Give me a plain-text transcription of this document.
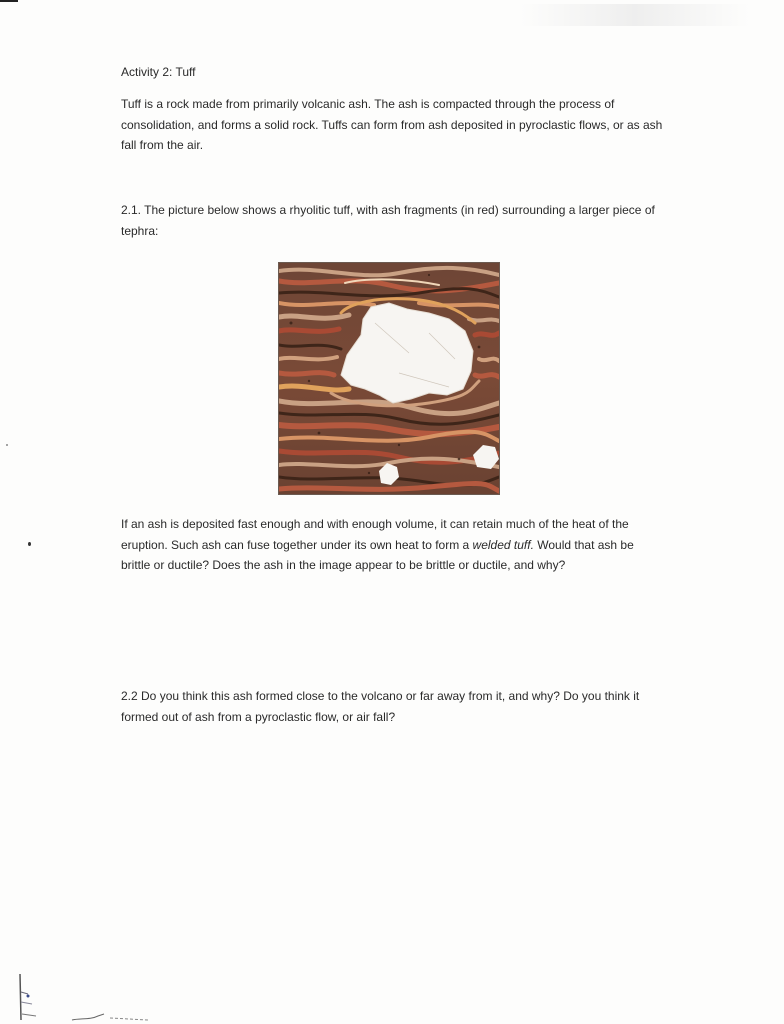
Activity 2: Tuff

Tuff is a rock made from primarily volcanic ash. The ash is compacted through the process of
consolidation, and forms a solid rock. Tuffs can form from ash deposited in pyroclastic flows, or as ash
fall from the air.

2.1. The picture below shows a rhyolitic tuff, with ash fragments (in red) surrounding a larger piece of
tephra:

If an ash is deposited fast enough and with enough volume, it can retain much of the heat of the
eruption. Such ash can fuse together under its own heat to form a welded tuff. Would that ash be
brittle or ductile? Does the ash in the image appear to be brittle or ductile, and why?

2.2 Do you think this ash formed close to the volcano or far away from it, and why? Do you think it
formed out of ash from a pyroclastic flow, or air fall?
